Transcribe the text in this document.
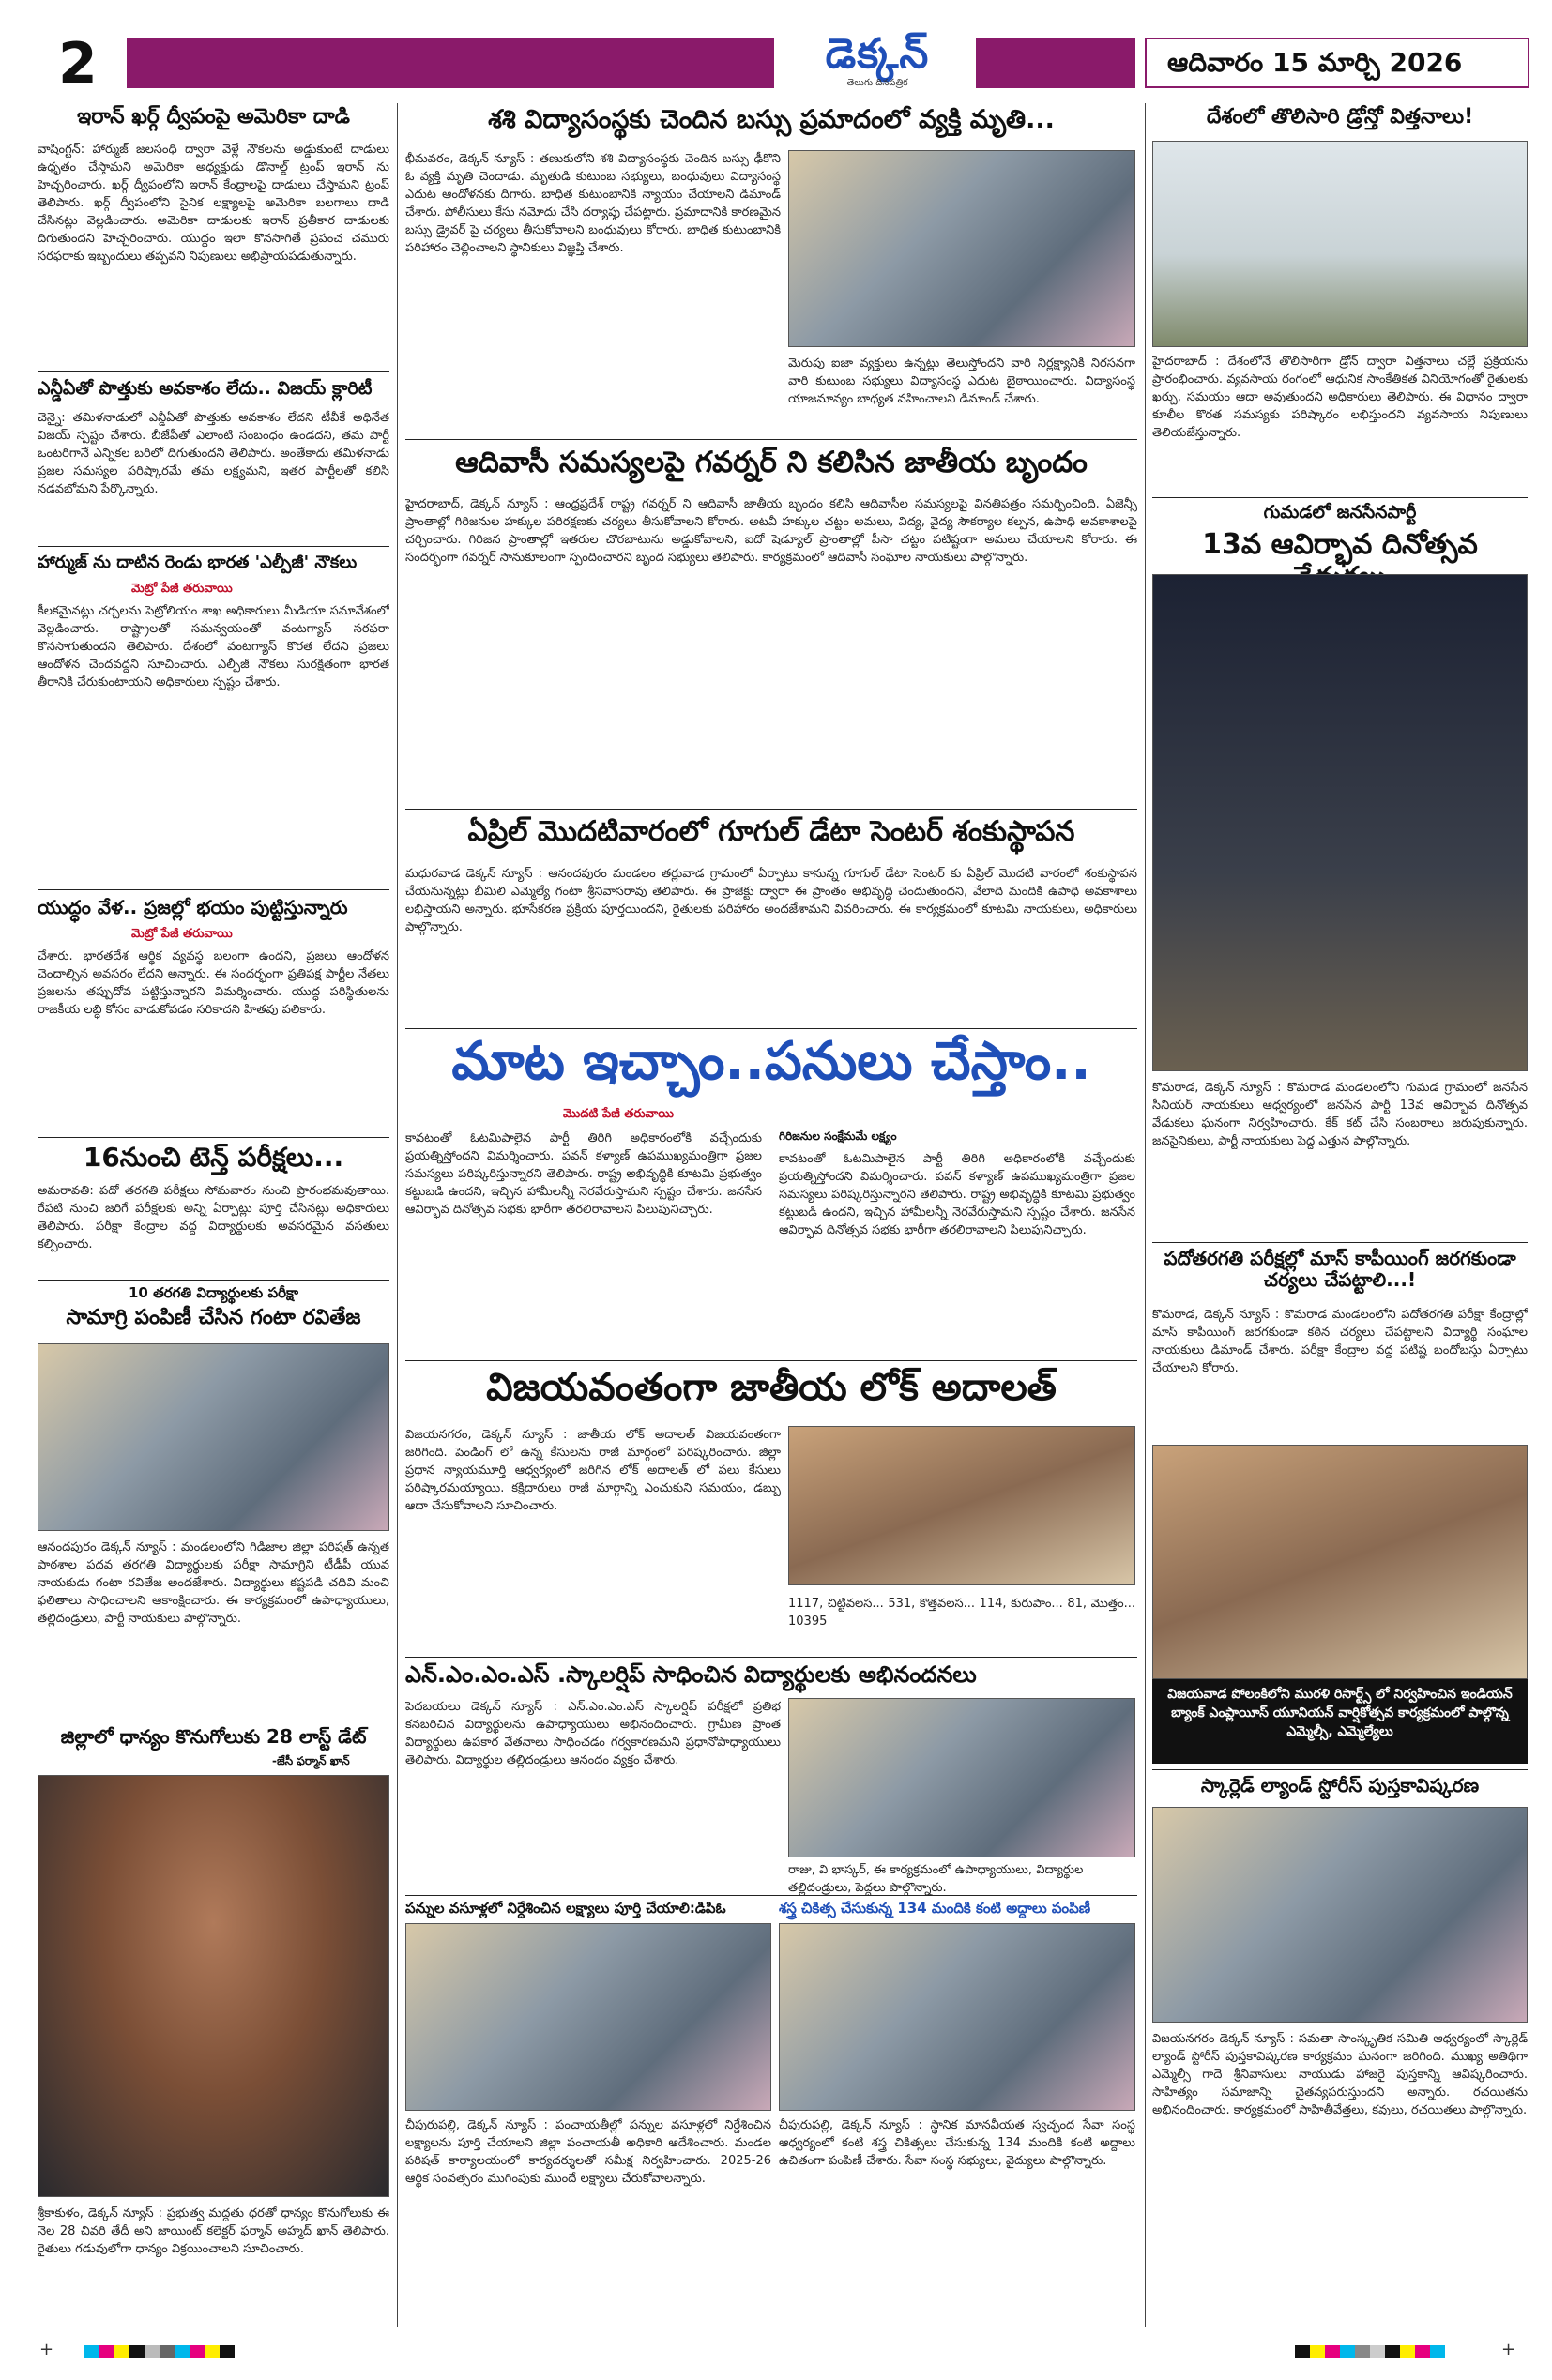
2	డెక్కన్
తెలుగు దినపత్రిక
ఆదివారం 15 మార్చి 2026
ఇరాన్ ఖర్గ్ ద్వీపంపై అమెరికా దాడి
వాషింగ్టన్: హార్ముజ్ జలసంధి ద్వారా వెళ్లే నౌకలను అడ్డుకుంటే దాడులు ఉధృతం చేస్తామని అమెరికా అధ్యక్షుడు డొనాల్డ్ ట్రంప్ ఇరాన్ ను హెచ్చరించారు. ఖర్గ్ ద్వీపంలోని ఇరాన్ కేంద్రాలపై దాడులు చేస్తామని ట్రంప్ తెలిపారు. ఖర్గ్ ద్వీపంలోని సైనిక లక్ష్యాలపై అమెరికా బలగాలు దాడి చేసినట్లు వెల్లడించారు. అమెరికా దాడులకు ఇరాన్ ప్రతీకార దాడులకు దిగుతుందని హెచ్చరించారు. యుద్ధం ఇలా కొనసాగితే ప్రపంచ చమురు సరఫరాకు ఇబ్బందులు తప్పవని నిపుణులు అభిప్రాయపడుతున్నారు.
ఎన్డీఏతో పొత్తుకు అవకాశం లేదు.. విజయ్ క్లారిటీ
చెన్నై: తమిళనాడులో ఎన్డీఏతో పొత్తుకు అవకాశం లేదని టీవీకే అధినేత విజయ్ స్పష్టం చేశారు. బీజేపీతో ఎలాంటి సంబంధం ఉండదని, తమ పార్టీ ఒంటరిగానే ఎన్నికల బరిలో దిగుతుందని తెలిపారు. అంతేకాదు తమిళనాడు ప్రజల సమస్యల పరిష్కారమే తమ లక్ష్యమని, ఇతర పార్టీలతో కలిసి నడవబోమని పేర్కొన్నారు.
హార్ముజ్ ను దాటిన రెండు భారత 'ఎల్పీజీ' నౌకలు
మెట్రో పేజీ తరువాయి
కీలకమైనట్లు చర్చలను పెట్రోలియం శాఖ అధికారులు మీడియా సమావేశంలో వెల్లడించారు. రాష్ట్రాలతో సమన్వయంతో వంటగ్యాస్ సరఫరా కొనసాగుతుందని తెలిపారు. దేశంలో వంటగ్యాస్ కొరత లేదని ప్రజలు ఆందోళన చెందవద్దని సూచించారు. ఎల్పీజీ నౌకలు సురక్షితంగా భారత తీరానికి చేరుకుంటాయని అధికారులు స్పష్టం చేశారు.
యుద్ధం వేళ.. ప్రజల్లో భయం పుట్టిస్తున్నారు
మెట్రో పేజీ తరువాయి
చేశారు. భారతదేశ ఆర్థిక వ్యవస్థ బలంగా ఉందని, ప్రజలు ఆందోళన చెందాల్సిన అవసరం లేదని అన్నారు. ఈ సందర్భంగా ప్రతిపక్ష పార్టీల నేతలు ప్రజలను తప్పుదోవ పట్టిస్తున్నారని విమర్శించారు. యుద్ధ పరిస్థితులను రాజకీయ లబ్ధి కోసం వాడుకోవడం సరికాదని హితవు పలికారు.
16నుంచి టెన్త్ పరీక్షలు...
అమరావతి: పదో తరగతి పరీక్షలు సోమవారం నుంచి ప్రారంభమవుతాయి. రేపటి నుంచి జరిగే పరీక్షలకు అన్ని ఏర్పాట్లు పూర్తి చేసినట్లు అధికారులు తెలిపారు. పరీక్షా కేంద్రాల వద్ద విద్యార్థులకు అవసరమైన వసతులు కల్పించారు.
10 తరగతి విద్యార్థులకు పరీక్షా
సామాగ్రి పంపిణీ చేసిన గంటా రవితేజ
ఆనందపురం డెక్కన్ న్యూస్ : మండలంలోని గిడిజాల జిల్లా పరిషత్ ఉన్నత పాఠశాల పదవ తరగతి విద్యార్థులకు పరీక్షా సామాగ్రిని టీడీపీ యువ నాయకుడు గంటా రవితేజ అందజేశారు. విద్యార్థులు కష్టపడి చదివి మంచి ఫలితాలు సాధించాలని ఆకాంక్షించారు. ఈ కార్యక్రమంలో ఉపాధ్యాయులు, తల్లిదండ్రులు, పార్టీ నాయకులు పాల్గొన్నారు.
జిల్లాలో ధాన్యం కొనుగోలుకు 28 లాస్ట్ డేట్
-జేసీ ఫర్మాన్ ఖాన్
శ్రీకాకుళం, డెక్కన్ న్యూస్ : ప్రభుత్వ మద్దతు ధరతో ధాన్యం కొనుగోలుకు ఈ నెల 28 చివరి తేదీ అని జాయింట్ కలెక్టర్ ఫర్మాన్ అహ్మద్ ఖాన్ తెలిపారు. రైతులు గడువులోగా ధాన్యం విక్రయించాలని సూచించారు.
శశి విద్యాసంస్థకు చెందిన బస్సు ప్రమాదంలో వ్యక్తి మృతి...
భీమవరం, డెక్కన్ న్యూస్ : తణుకులోని శశి విద్యాసంస్థకు చెందిన బస్సు ఢీకొని ఓ వ్యక్తి మృతి చెందాడు. మృతుడి కుటుంబ సభ్యులు, బంధువులు విద్యాసంస్థ ఎదుట ఆందోళనకు దిగారు. బాధిత కుటుంబానికి న్యాయం చేయాలని డిమాండ్ చేశారు. పోలీసులు కేసు నమోదు చేసి దర్యాప్తు చేపట్టారు. ప్రమాదానికి కారణమైన బస్సు డ్రైవర్ పై చర్యలు తీసుకోవాలని బంధువులు కోరారు. బాధిత కుటుంబానికి పరిహారం చెల్లించాలని స్థానికులు విజ్ఞప్తి చేశారు.
మెరుపు ఐజా వ్యక్తులు ఉన్నట్లు తెలుస్తోందని వారి నిర్లక్ష్యానికి నిరసనగా వారి కుటుంబ సభ్యులు విద్యాసంస్థ ఎదుట బైఠాయించారు. విద్యాసంస్థ యాజమాన్యం బాధ్యత వహించాలని డిమాండ్ చేశారు.
ఆదివాసీ సమస్యలపై గవర్నర్ ని కలిసిన జాతీయ బృందం
హైదరాబాద్, డెక్కన్ న్యూస్ : ఆంధ్రప్రదేశ్ రాష్ట్ర గవర్నర్ ని ఆదివాసీ జాతీయ బృందం కలిసి ఆదివాసీల సమస్యలపై వినతిపత్రం సమర్పించింది. ఏజెన్సీ ప్రాంతాల్లో గిరిజనుల హక్కుల పరిరక్షణకు చర్యలు తీసుకోవాలని కోరారు. అటవీ హక్కుల చట్టం అమలు, విద్య, వైద్య సౌకర్యాల కల్పన, ఉపాధి అవకాశాలపై చర్చించారు. గిరిజన ప్రాంతాల్లో ఇతరుల చొరబాటును అడ్డుకోవాలని, ఐదో షెడ్యూల్ ప్రాంతాల్లో పీసా చట్టం పటిష్టంగా అమలు చేయాలని కోరారు. ఈ సందర్భంగా గవర్నర్ సానుకూలంగా స్పందించారని బృంద సభ్యులు తెలిపారు. కార్యక్రమంలో ఆదివాసీ సంఘాల నాయకులు పాల్గొన్నారు.
ఏప్రిల్ మొదటివారంలో గూగుల్ డేటా సెంటర్ శంకుస్థాపన
మధురవాడ డెక్కన్ న్యూస్ : ఆనందపురం మండలం తర్లువాడ గ్రామంలో ఏర్పాటు కానున్న గూగుల్ డేటా సెంటర్ కు ఏప్రిల్ మొదటి వారంలో శంకుస్థాపన చేయనున్నట్లు భీమిలి ఎమ్మెల్యే గంటా శ్రీనివాసరావు తెలిపారు. ఈ ప్రాజెక్టు ద్వారా ఈ ప్రాంతం అభివృద్ధి చెందుతుందని, వేలాది మందికి ఉపాధి అవకాశాలు లభిస్తాయని అన్నారు. భూసేకరణ ప్రక్రియ పూర్తయిందని, రైతులకు పరిహారం అందజేశామని వివరించారు. ఈ కార్యక్రమంలో కూటమి నాయకులు, అధికారులు పాల్గొన్నారు.
మాట ఇచ్చాం..పనులు చేస్తాం..
మొదటి పేజీ తరువాయి
కావటంతో ఓటమిపాలైన పార్టీ తిరిగి అధికారంలోకి వచ్చేందుకు ప్రయత్నిస్తోందని విమర్శించారు. పవన్ కళ్యాణ్ ఉపముఖ్యమంత్రిగా ప్రజల సమస్యలు పరిష్కరిస్తున్నారని తెలిపారు. రాష్ట్ర అభివృద్ధికి కూటమి ప్రభుత్వం కట్టుబడి ఉందని, ఇచ్చిన హామీలన్నీ నెరవేరుస్తామని స్పష్టం చేశారు. జనసేన ఆవిర్భావ దినోత్సవ సభకు భారీగా తరలిరావాలని పిలుపునిచ్చారు.
గిరిజనుల సంక్షేమమే లక్ష్యం
కావటంతో ఓటమిపాలైన పార్టీ తిరిగి అధికారంలోకి వచ్చేందుకు ప్రయత్నిస్తోందని విమర్శించారు. పవన్ కళ్యాణ్ ఉపముఖ్యమంత్రిగా ప్రజల సమస్యలు పరిష్కరిస్తున్నారని తెలిపారు. రాష్ట్ర అభివృద్ధికి కూటమి ప్రభుత్వం కట్టుబడి ఉందని, ఇచ్చిన హామీలన్నీ నెరవేరుస్తామని స్పష్టం చేశారు. జనసేన ఆవిర్భావ దినోత్సవ సభకు భారీగా తరలిరావాలని పిలుపునిచ్చారు.
విజయవంతంగా జాతీయ లోక్ అదాలత్
విజయనగరం, డెక్కన్ న్యూస్ : జాతీయ లోక్ అదాలత్ విజయవంతంగా జరిగింది. పెండింగ్ లో ఉన్న కేసులను రాజీ మార్గంలో పరిష్కరించారు. జిల్లా ప్రధాన న్యాయమూర్తి ఆధ్వర్యంలో జరిగిన లోక్ అదాలత్ లో పలు కేసులు పరిష్కారమయ్యాయి. కక్షిదారులు రాజీ మార్గాన్ని ఎంచుకుని సమయం, డబ్బు ఆదా చేసుకోవాలని సూచించారు.
1117, చిట్టివలస... 531, కొత్తవలస... 114, కురుపాం... 81, మొత్తం... 10395
ఎన్.ఎం.ఎం.ఎస్ .స్కాలర్షిప్ సాధించిన విద్యార్థులకు అభినందనలు
పెదబయలు డెక్కన్ న్యూస్ : ఎన్.ఎం.ఎం.ఎస్ స్కాలర్షిప్ పరీక్షలో ప్రతిభ కనబరిచిన విద్యార్థులను ఉపాధ్యాయులు అభినందించారు. గ్రామీణ ప్రాంత విద్యార్థులు ఉపకార వేతనాలు సాధించడం గర్వకారణమని ప్రధానోపాధ్యాయులు తెలిపారు. విద్యార్థుల తల్లిదండ్రులు ఆనందం వ్యక్తం చేశారు.
రాజు, వి భాస్కర్, ఈ కార్యక్రమంలో ఉపాధ్యాయులు, విద్యార్థుల తల్లిదండ్రులు, పెద్దలు పాల్గొన్నారు.
పన్నుల వసూళ్లలో నిర్దేశించిన లక్ష్యాలు పూర్తి చేయాలి:డిపిఓ
చీపురుపల్లి, డెక్కన్ న్యూస్ : పంచాయతీల్లో పన్నుల వసూళ్లలో నిర్దేశించిన లక్ష్యాలను పూర్తి చేయాలని జిల్లా పంచాయతీ అధికారి ఆదేశించారు. మండల పరిషత్ కార్యాలయంలో కార్యదర్శులతో సమీక్ష నిర్వహించారు. 2025-26 ఆర్థిక సంవత్సరం ముగింపుకు ముందే లక్ష్యాలు చేరుకోవాలన్నారు.
శస్త్ర చికిత్స చేసుకున్న 134 మందికి కంటి అద్దాలు పంపిణీ
చీపురుపల్లి, డెక్కన్ న్యూస్ : స్థానిక మానవీయత స్వచ్ఛంద సేవా సంస్థ ఆధ్వర్యంలో కంటి శస్త్ర చికిత్సలు చేసుకున్న 134 మందికి కంటి అద్దాలు ఉచితంగా పంపిణీ చేశారు. సేవా సంస్థ సభ్యులు, వైద్యులు పాల్గొన్నారు.
దేశంలో తొలిసారి డ్రోన్తో విత్తనాలు!
హైదరాబాద్ : దేశంలోనే తొలిసారిగా డ్రోన్ ద్వారా విత్తనాలు చల్లే ప్రక్రియను ప్రారంభించారు. వ్యవసాయ రంగంలో ఆధునిక సాంకేతికత వినియోగంతో రైతులకు ఖర్చు, సమయం ఆదా అవుతుందని అధికారులు తెలిపారు. ఈ విధానం ద్వారా కూలీల కొరత సమస్యకు పరిష్కారం లభిస్తుందని వ్యవసాయ నిపుణులు తెలియజేస్తున్నారు.
గుమడలో జనసేనపార్టీ
13వ ఆవిర్భావ దినోత్సవ
కొమరాడ, డెక్కన్ న్యూస్ : కొమరాడ మండలంలోని గుమడ గ్రామంలో జనసేన సీనియర్ నాయకులు ఆధ్వర్యంలో జనసేన పార్టీ 13వ ఆవిర్భావ దినోత్సవ వేడుకలు ఘనంగా నిర్వహించారు. కేక్ కట్ చేసి సంబరాలు జరుపుకున్నారు. జనసైనికులు, పార్టీ నాయకులు పెద్ద ఎత్తున పాల్గొన్నారు.
పదోతరగతి పరీక్షల్లో మాస్ కాపీయింగ్ జరగకుండా చర్యలు చేపట్టాలి...!
కొమరాడ, డెక్కన్ న్యూస్ : కొమరాడ మండలంలోని పదోతరగతి పరీక్షా కేంద్రాల్లో మాస్ కాపీయింగ్ జరగకుండా కఠిన చర్యలు చేపట్టాలని విద్యార్థి సంఘాల నాయకులు డిమాండ్ చేశారు. పరీక్షా కేంద్రాల వద్ద పటిష్ట బందోబస్తు ఏర్పాటు చేయాలని కోరారు.
విజయవాడ పోలంకిలోని మురళి రిసార్ట్స్ లో నిర్వహించిన ఇండియన్ బ్యాంక్ ఎంప్లాయీస్ యూనియన్ వార్షికోత్సవ కార్యక్రమంలో పాల్గొన్న ఎమ్మెల్సీ, ఎమ్మెల్యేలు
స్కార్లెడ్ ల్యాండ్ స్టోరీస్ పుస్తకావిష్కరణ
విజయనగరం డెక్కన్ న్యూస్ : సమతా సాంస్కృతిక సమితి ఆధ్వర్యంలో స్కార్లెడ్ ల్యాండ్ స్టోరీస్ పుస్తకావిష్కరణ కార్యక్రమం ఘనంగా జరిగింది. ముఖ్య అతిథిగా ఎమ్మెల్సీ గాదె శ్రీనివాసులు నాయుడు హాజరై పుస్తకాన్ని ఆవిష్కరించారు. సాహిత్యం సమాజాన్ని చైతన్యపరుస్తుందని అన్నారు. రచయితను అభినందించారు. కార్యక్రమంలో సాహితీవేత్తలు, కవులు, రచయితలు పాల్గొన్నారు.
+	+
